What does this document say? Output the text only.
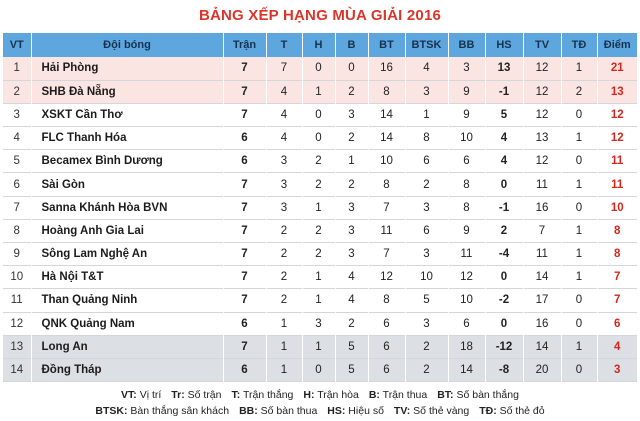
BẢNG XẾP HẠNG MÙA GIẢI 2016
VT	Đội bóng	Trận	T	H	B	BT	BTSK	BB	HS	TV	TĐ	Điểm
1	Hải Phòng	7	7	0	0	16	4	3	13	12	1	21
2	SHB Đà Nẵng	7	4	1	2	8	3	9	-1	12	2	13
3	XSKT Cần Thơ	7	4	0	3	14	1	9	5	12	0	12
4	FLC Thanh Hóa	6	4	0	2	14	8	10	4	13	1	12
5	Becamex Bình Dương	6	3	2	1	10	6	6	4	12	0	11
6	Sài Gòn	7	3	2	2	8	2	8	0	11	1	11
7	Sanna Khánh Hòa BVN	7	3	1	3	7	3	8	-1	16	0	10
8	Hoàng Anh Gia Lai	7	2	2	3	11	6	9	2	7	1	8
9	Sông Lam Nghệ An	7	2	2	3	7	3	11	-4	11	1	8
10	Hà Nội T&T	7	2	1	4	12	10	12	0	14	1	7
11	Than Quảng Ninh	7	2	1	4	8	5	10	-2	17	0	7
12	QNK Quảng Nam	6	1	3	2	6	3	6	0	16	0	6
13	Long An	7	1	1	5	6	2	18	-12	14	1	4
14	Đồng Tháp	6	1	0	5	6	2	14	-8	20	0	3
VT: Vị trí Tr: Số trận T: Trận thắng H: Trận hòa B: Trận thua BT: Số bàn thắng
BTSK: Bàn thắng sân khách BB: Số bàn thua HS: Hiệu số TV: Số thẻ vàng TĐ: Số thẻ đỏ
